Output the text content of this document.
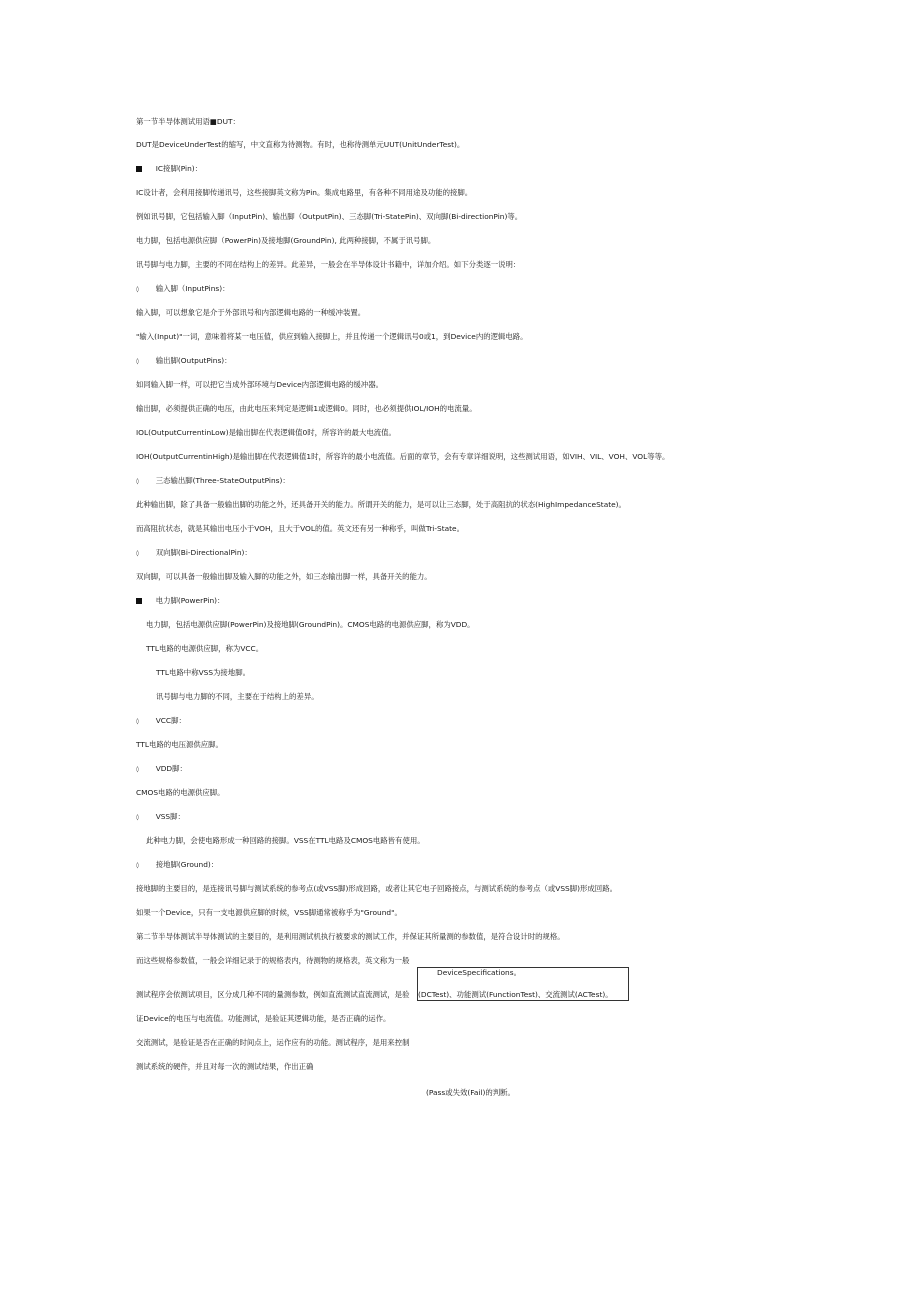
第一节半导体测试用语■DUT：
DUT是DeviceUnderTest的缩写，中文直称为待测物。有时，也称待测单元UUT(UnitUnderTest)。
IC接脚(Pin)：
IC设计者，会利用接脚传递讯号，这些接脚英文称为Pin。集成电路里，有各种不同用途及功能的接脚。
例如讯号脚，它包括输入脚（InputPin)、输出脚（OutputPin)、三态脚(Tri-StatePin)、双向脚(Bi-directionPin)等。
电力脚，包括电源供应脚（PowerPin)及接地脚(GroundPin), 此两种接脚，不属于讯号脚。
讯号脚与电力脚，主要的不同在结构上的差异。此差异，一般会在半导体设计书籍中，详加介绍。如下分类逐一说明：
◊ 输入脚（InputPins)：
输入脚，可以想象它是介于外部讯号和内部逻辑电路的一种缓冲装置。
"输入(Input)"一词，意味着将某一电压值，供应到输入接脚上，并且传递一个逻辑讯号0或1，到Device内的逻辑电路。
◊ 输出脚(OutputPins)：
如同输入脚一样，可以把它当成外部环境与Device内部逻辑电路的缓冲器。
输出脚，必须提供正确的电压，由此电压来判定是逻辑1或逻辑0。同时，也必须提供IOL/IOH的电流量。
IOL(OutputCurrentinLow)是输出脚在代表逻辑值0时，所容许的最大电流值。
IOH(OutputCurrentinHigh)是输出脚在代表逻辑值1时，所容许的最小电流值。后面的章节，会有专章详细说明，这些测试用语，如VIH、VIL、VOH、VOL等等。
◊ 三态输出脚(Three-StateOutputPins)：
此种输出脚，除了具备一般输出脚的功能之外，还具备开关的能力。所谓开关的能力，是可以让三态脚，处于高阻抗的状态(HighImpedanceState)。
而高阻抗状态，就是其输出电压小于VOH，且大于VOL的值。英文还有另一种称乎，叫做Tri-State。
◊ 双向脚(Bi-DirectionalPin)：
双向脚，可以具备一般输出脚及输入脚的功能之外，如三态输出脚一样，具备开关的能力。
电力脚(PowerPin)：
电力脚，包括电源供应脚(PowerPin)及接地脚(GroundPin)。CMOS电路的电源供应脚，称为VDD。
TTL电路的电源供应脚，称为VCC。
TTL电路中称VSS为接地脚。
讯号脚与电力脚的不同，主要在于结构上的差异。
◊ VCC脚：
TTL电路的电压源供应脚。
◊ VDD脚：
CMOS电路的电源供应脚。
◊ VSS脚：
此种电力脚，会使电路形成一种回路的接脚。VSS在TTL电路及CMOS电路皆有使用。
◊ 接地脚(Ground)：
接地脚的主要目的，是连接讯号脚与测试系统的参考点(或VSS脚)形成回路，或者让其它电子回路接点，与测试系统的参考点（或VSS脚)形成回路。
如果一个Device，只有一支电源供应脚的时候，VSS脚通常被称乎为"Ground"。
第二节半导体测试半导体测试的主要目的，是利用测试机执行被要求的测试工作，并保证其所量测的参数值，是符合设计时的规格。
而这些规格参数值，一般会详细记录于的规格表内，待测物的规格表，英文称为一般
DeviceSpecifications。
测试程序会依测试项目，区分成几种不同的量测参数，例如直流测试直流测试，是验 (DCTest)、功能测试(FunctionTest)、交流测试(ACTest)。
证Device的电压与电流值。功能测试，是验证其逻辑功能，是否正确的运作。
交流测试，是验证是否在正确的时间点上，运作应有的功能。测试程序，是用来控制
测试系统的硬件，并且对每一次的测试结果，作出正确
(Pass或失效(Fail)的判断。
